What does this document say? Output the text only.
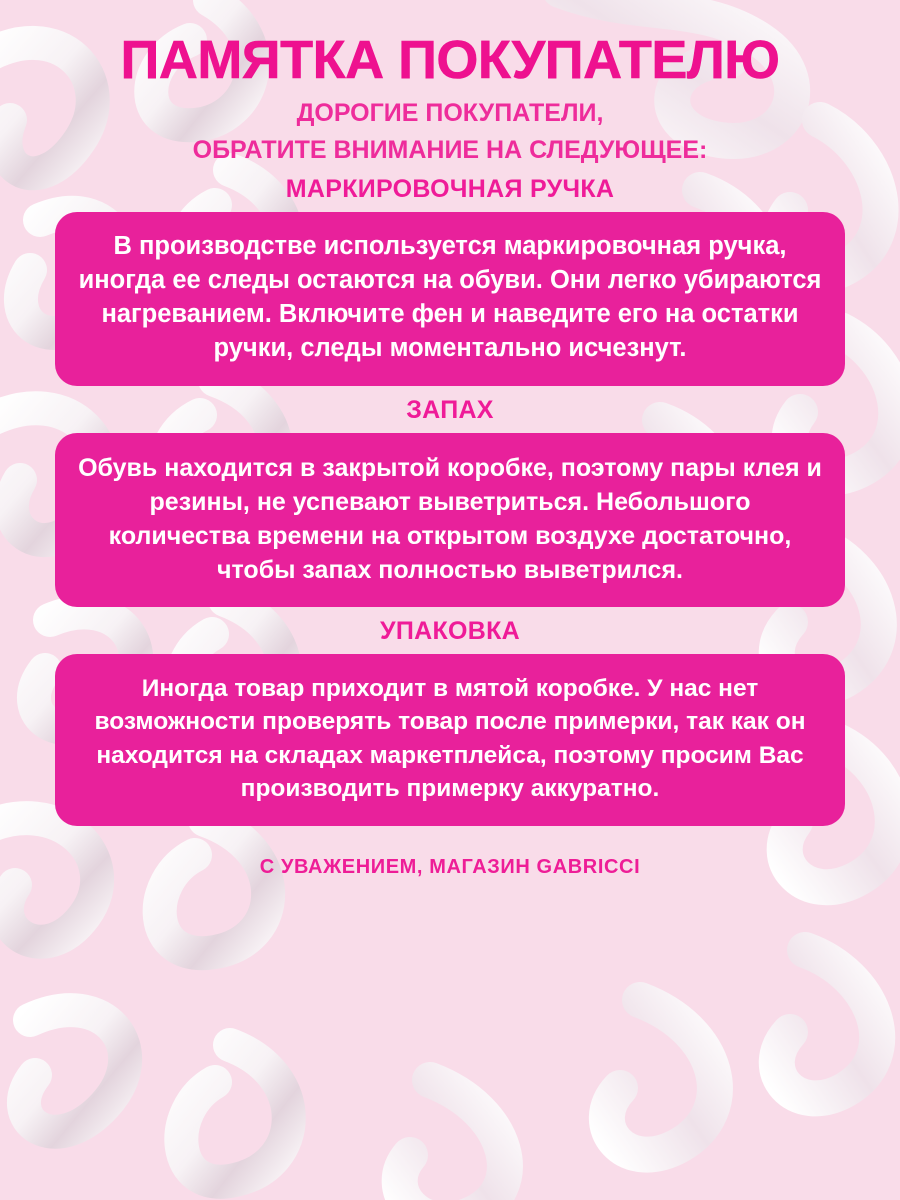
ПАМЯТКА ПОКУПАТЕЛЮ
ДОРОГИЕ ПОКУПАТЕЛИ,
ОБРАТИТЕ ВНИМАНИЕ НА СЛЕДУЮЩЕЕ:
МАРКИРОВОЧНАЯ РУЧКА

В производстве используется маркировочная ручка, иногда ее следы остаются на обуви. Они легко убираются нагреванием. Включите фен и наведите его на остатки ручки, следы моментально исчезнут.

ЗАПАХ

Обувь находится в закрытой коробке, поэтому пары клея и резины, не успевают выветриться. Небольшого количества времени на открытом воздухе достаточно, чтобы запах полностью выветрился.

УПАКОВКА

Иногда товар приходит в мятой коробке. У нас нет возможности проверять товар после примерки, так как он находится на складах маркетплейса, поэтому просим Вас производить примерку аккуратно.

С УВАЖЕНИЕМ, МАГАЗИН GABRICCI
